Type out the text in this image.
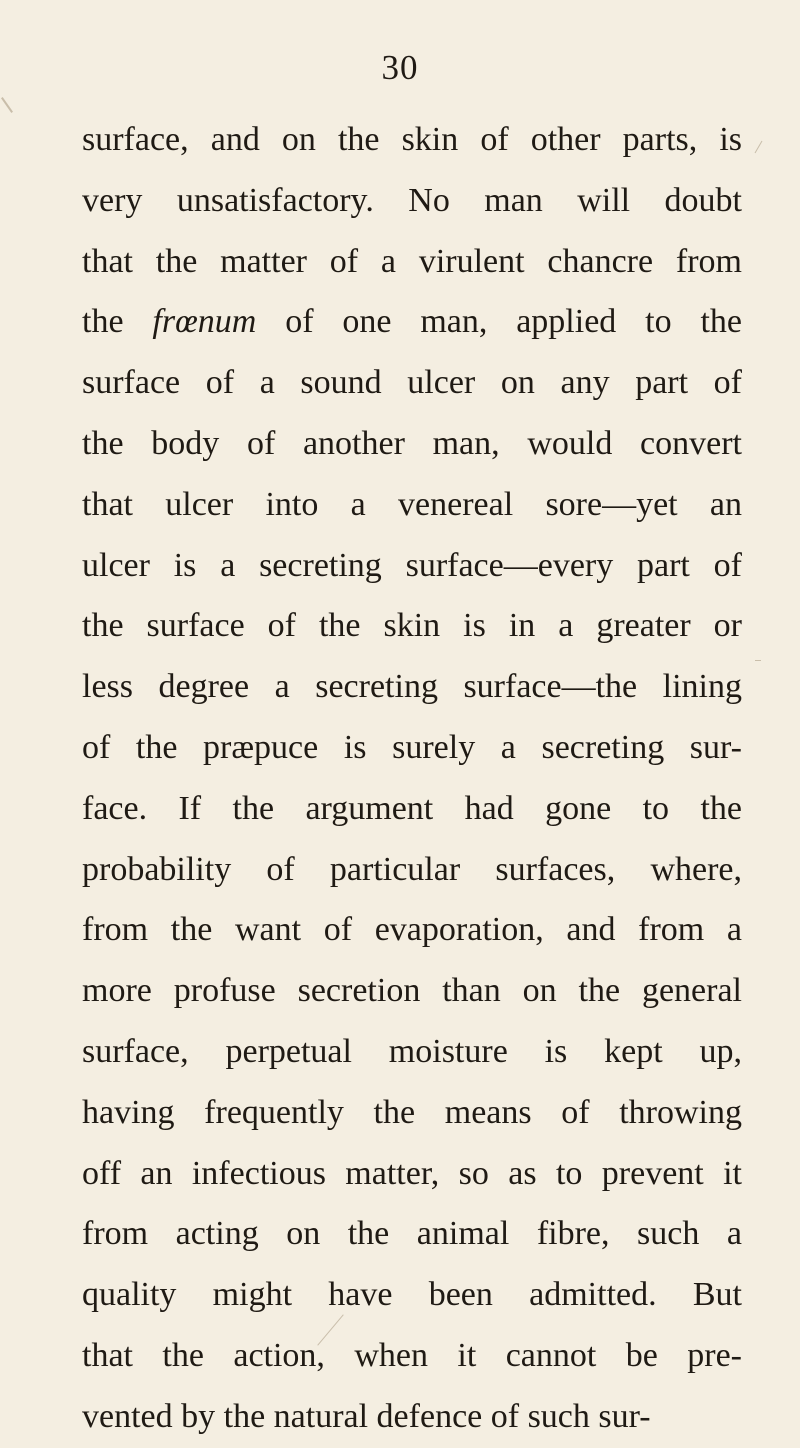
30
surface, and on the skin of other parts, is
very unsatisfactory. No man will doubt
that the matter of a virulent chancre from
the frœnum of one man, applied to the
surface of a sound ulcer on any part of
the body of another man, would convert
that ulcer into a venereal sore—yet an
ulcer is a secreting surface—every part of
the surface of the skin is in a greater or
less degree a secreting surface—the lining
of the præpuce is surely a secreting sur-
face. If the argument had gone to the
probability of particular surfaces, where,
from the want of evaporation, and from a
more profuse secretion than on the general
surface, perpetual moisture is kept up,
having frequently the means of throwing
off an infectious matter, so as to prevent it
from acting on the animal fibre, such a
quality might have been admitted. But
that the action, when it cannot be pre-
vented by the natural defence of such sur-
